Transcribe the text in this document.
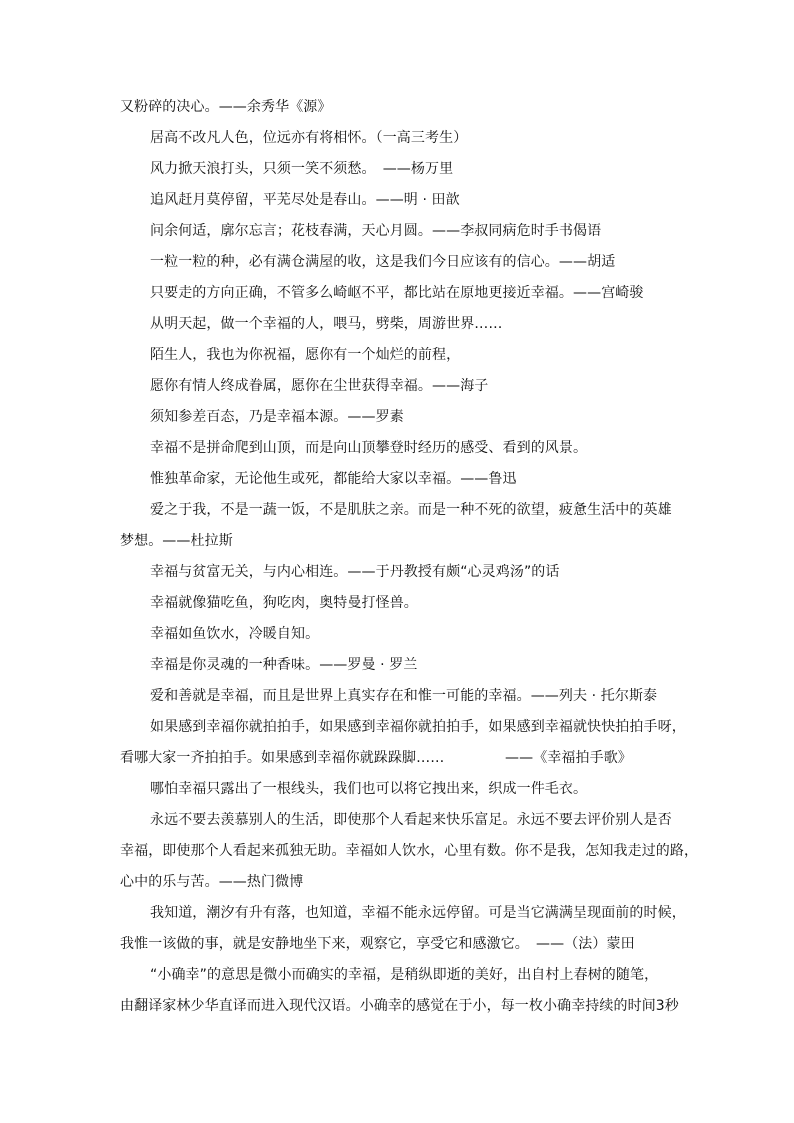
又粉碎的决心。——余秀华《源》
居高不改凡人色，位远亦有将相怀。（一高三考生）
风力掀天浪打头，只须一笑不须愁。　——杨万里
追风赶月莫停留，平芜尽处是春山。——明 · 田歆
问余何适，廓尔忘言；花枝春满，天心月圆。——李叔同病危时手书偈语
一粒一粒的种，必有满仓满屋的收，这是我们今日应该有的信心。——胡适
只要走的方向正确，不管多么崎岖不平，都比站在原地更接近幸福。——宫崎骏
从明天起，做一个幸福的人，喂马，劈柴，周游世界……
陌生人，我也为你祝福，愿你有一个灿烂的前程，
愿你有情人终成眷属，愿你在尘世获得幸福。——海子
须知参差百态，乃是幸福本源。——罗素
幸福不是拼命爬到山顶，而是向山顶攀登时经历的感受、看到的风景。
惟独革命家，无论他生或死，都能给大家以幸福。——鲁迅
爱之于我，不是一蔬一饭，不是肌肤之亲。而是一种不死的欲望，疲惫生活中的英雄
梦想。——杜拉斯
幸福与贫富无关，与内心相连。——于丹教授有颇“心灵鸡汤”的话
幸福就像猫吃鱼，狗吃肉，奥特曼打怪兽。
幸福如鱼饮水，冷暖自知。
幸福是你灵魂的一种香味。——罗曼 · 罗兰
爱和善就是幸福，而且是世界上真实存在和惟一可能的幸福。——列夫 · 托尔斯泰
如果感到幸福你就拍拍手，如果感到幸福你就拍拍手，如果感到幸福就快快拍拍手呀，
看哪大家一齐拍拍手。如果感到幸福你就跺跺脚……	——《幸福拍手歌》
哪怕幸福只露出了一根线头，我们也可以将它拽出来，织成一件毛衣。
永远不要去羡慕别人的生活，即使那个人看起来快乐富足。永远不要去评价别人是否
幸福，即使那个人看起来孤独无助。幸福如人饮水，心里有数。你不是我，怎知我走过的路，
心中的乐与苦。——热门微博
我知道，潮汐有升有落，也知道，幸福不能永远停留。可是当它满满呈现面前的时候，
我惟一该做的事，就是安静地坐下来，观察它，享受它和感激它。　——（法）蒙田
“小确幸”的意思是微小而确实的幸福，是稍纵即逝的美好，出自村上春树的随笔，
由翻译家林少华直译而进入现代汉语。小确幸的感觉在于小，每一枚小确幸持续的时间3秒
